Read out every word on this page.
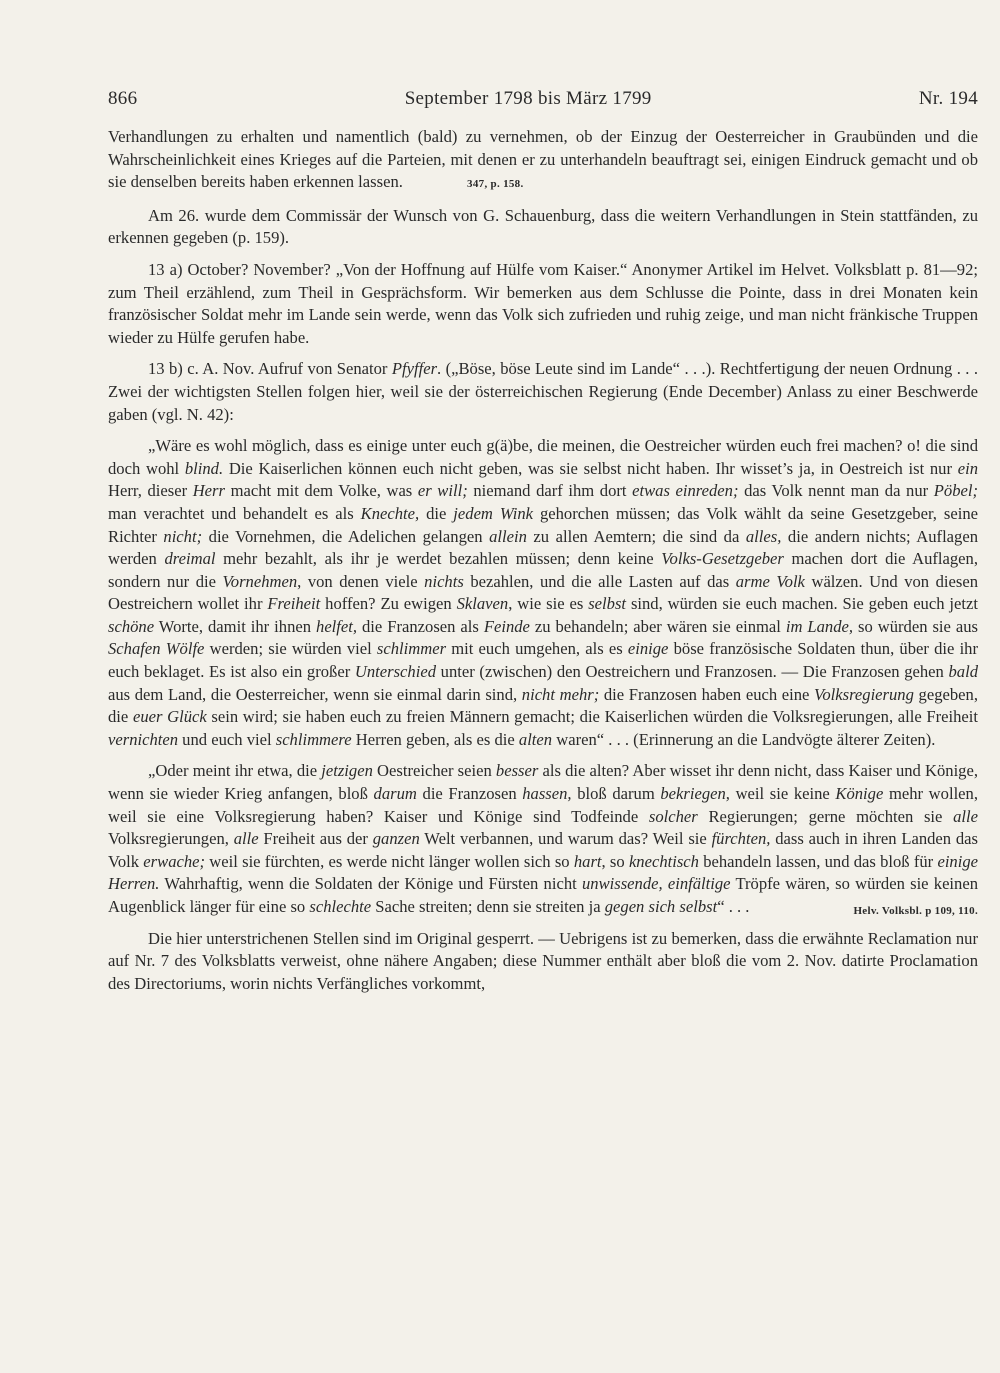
866	September 1798 bis März 1799	Nr. 194

Verhandlungen zu erhalten und namentlich (bald) zu vernehmen, ob der Einzug der Oesterreicher in Graubünden und die Wahrscheinlichkeit eines Krieges auf die Parteien, mit denen er zu unterhandeln beauftragt sei, einigen Eindruck gemacht und ob sie denselben bereits haben erkennen lassen.	347, p. 158.

Am 26. wurde dem Commissär der Wunsch von G. Schauenburg, dass die weitern Verhandlungen in Stein stattfänden, zu erkennen gegeben (p. 159).

13 a) October? November? „Von der Hoffnung auf Hülfe vom Kaiser.“ Anonymer Artikel im Helvet. Volksblatt p. 81—92; zum Theil erzählend, zum Theil in Gesprächsform. Wir bemerken aus dem Schlusse die Pointe, dass in drei Monaten kein französischer Soldat mehr im Lande sein werde, wenn das Volk sich zufrieden und ruhig zeige, und man nicht fränkische Truppen wieder zu Hülfe gerufen habe.

13 b) c. A. Nov. Aufruf von Senator Pfyffer. („Böse, böse Leute sind im Lande“ . . .). Rechtfertigung der neuen Ordnung . . . Zwei der wichtigsten Stellen folgen hier, weil sie der österreichischen Regierung (Ende December) Anlass zu einer Beschwerde gaben (vgl. N. 42):

„Wäre es wohl möglich, dass es einige unter euch g(ä)be, die meinen, die Oestreicher würden euch frei machen? o! die sind doch wohl blind. Die Kaiserlichen können euch nicht geben, was sie selbst nicht haben. Ihr wisset’s ja, in Oestreich ist nur ein Herr, dieser Herr macht mit dem Volke, was er will; niemand darf ihm dort etwas einreden; das Volk nennt man da nur Pöbel; man verachtet und behandelt es als Knechte, die jedem Wink gehorchen müssen; das Volk wählt da seine Gesetzgeber, seine Richter nicht; die Vornehmen, die Adelichen gelangen allein zu allen Aemtern; die sind da alles, die andern nichts; Auflagen werden dreimal mehr bezahlt, als ihr je werdet bezahlen müssen; denn keine Volks-Gesetzgeber machen dort die Auflagen, sondern nur die Vornehmen, von denen viele nichts bezahlen, und die alle Lasten auf das arme Volk wälzen. Und von diesen Oestreichern wollet ihr Freiheit hoffen? Zu ewigen Sklaven, wie sie es selbst sind, würden sie euch machen. Sie geben euch jetzt schöne Worte, damit ihr ihnen helfet, die Franzosen als Feinde zu behandeln; aber wären sie einmal im Lande, so würden sie aus Schafen Wölfe werden; sie würden viel schlimmer mit euch umgehen, als es einige böse französische Soldaten thun, über die ihr euch beklaget. Es ist also ein großer Unterschied unter (zwischen) den Oestreichern und Franzosen. — Die Franzosen gehen bald aus dem Land, die Oesterreicher, wenn sie einmal darin sind, nicht mehr; die Franzosen haben euch eine Volksregierung gegeben, die euer Glück sein wird; sie haben euch zu freien Männern gemacht; die Kaiserlichen würden die Volksregierungen, alle Freiheit vernichten und euch viel schlimmere Herren geben, als es die alten waren“ . . . (Erinnerung an die Landvögte älterer Zeiten).

„Oder meint ihr etwa, die jetzigen Oestreicher seien besser als die alten? Aber wisset ihr denn nicht, dass Kaiser und Könige, wenn sie wieder Krieg anfangen, bloß darum die Franzosen hassen, bloß darum bekriegen, weil sie keine Könige mehr wollen, weil sie eine Volksregierung haben? Kaiser und Könige sind Todfeinde solcher Regierungen; gerne möchten sie alle Volksregierungen, alle Freiheit aus der ganzen Welt verbannen, und warum das? Weil sie fürchten, dass auch in ihren Landen das Volk erwache; weil sie fürchten, es werde nicht länger wollen sich so hart, so knechtisch behandeln lassen, und das bloß für einige Herren. Wahrhaftig, wenn die Soldaten der Könige und Fürsten nicht unwissende, einfältige Tröpfe wären, so würden sie keinen Augenblick länger für eine so schlechte Sache streiten; denn sie streiten ja gegen sich selbst“ . . .	Helv. Volksbl. p 109, 110.

Die hier unterstrichenen Stellen sind im Original gesperrt. — Uebrigens ist zu bemerken, dass die erwähnte Reclamation nur auf Nr. 7 des Volksblatts verweist, ohne nähere Angaben; diese Nummer enthält aber bloß die vom 2. Nov. datirte Proclamation des Directoriums, worin nichts Verfängliches vorkommt,
